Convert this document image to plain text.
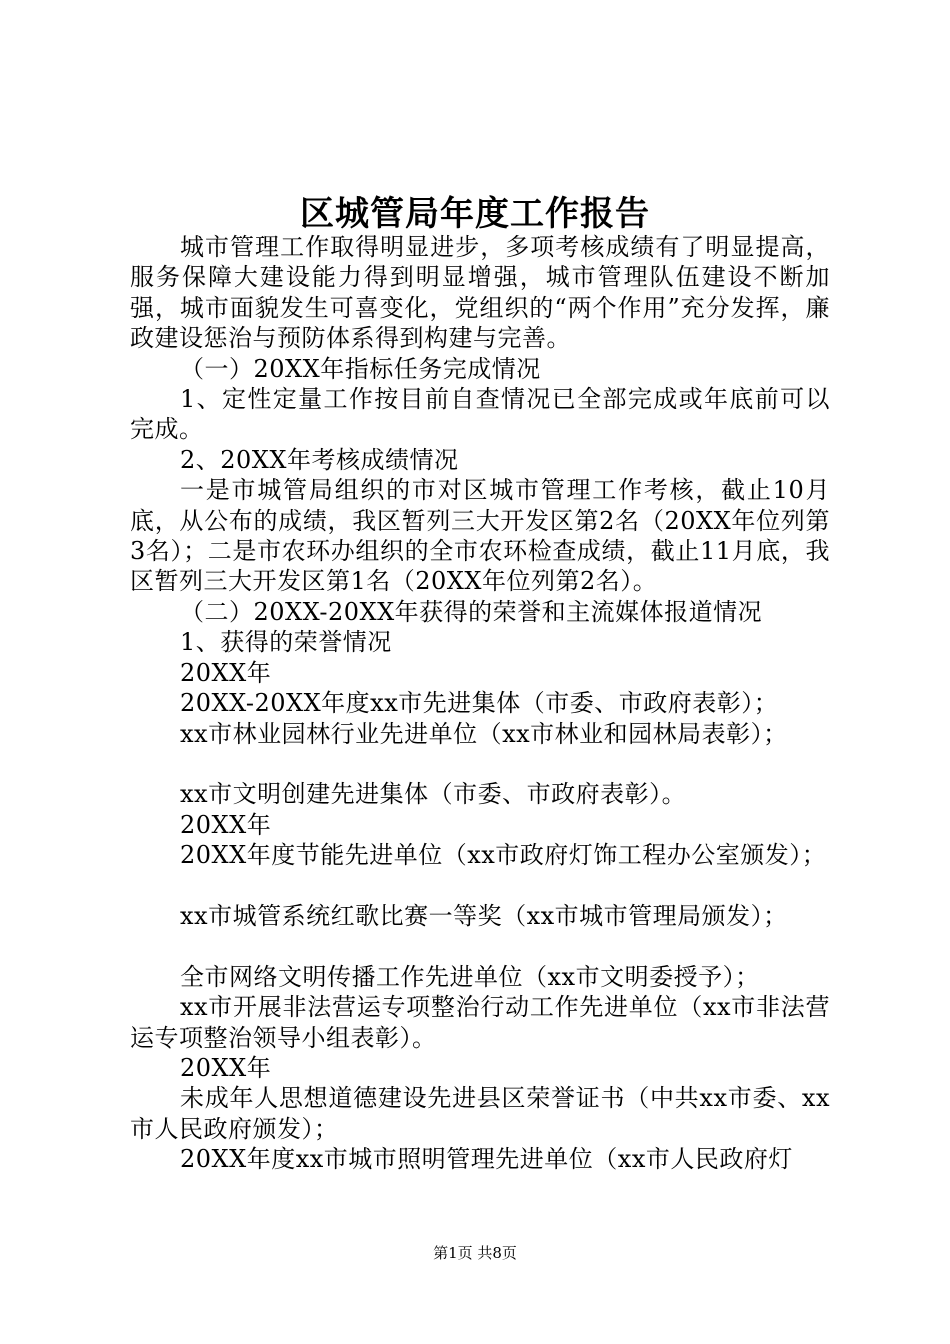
区城管局年度工作报告

城市管理工作取得明显进步，多项考核成绩有了明显提高，服务保障大建设能力得到明显增强，城市管理队伍建设不断加强，城市面貌发生可喜变化，党组织的“两个作用”充分发挥，廉政建设惩治与预防体系得到构建与完善。

（一）20XX年指标任务完成情况

1、定性定量工作按目前自查情况已全部完成或年底前可以完成。

2、20XX年考核成绩情况

一是市城管局组织的市对区城市管理工作考核，截止10月底，从公布的成绩，我区暂列三大开发区第2名（20XX年位列第3名）；二是市农环办组织的全市农环检查成绩，截止11月底，我区暂列三大开发区第1名（20XX年位列第2名）。

（二）20XX-20XX年获得的荣誉和主流媒体报道情况

1、获得的荣誉情况

20XX年

20XX-20XX年度xx市先进集体（市委、市政府表彰）；

xx市林业园林行业先进单位（xx市林业和园林局表彰）；

xx市文明创建先进集体（市委、市政府表彰）。

20XX年

20XX年度节能先进单位（xx市政府灯饰工程办公室颁发）；

xx市城管系统红歌比赛一等奖（xx市城市管理局颁发）；

全市网络文明传播工作先进单位（xx市文明委授予）；

xx市开展非法营运专项整治行动工作先进单位（xx市非法营运专项整治领导小组表彰）。

20XX年

未成年人思想道德建设先进县区荣誉证书（中共xx市委、xx市人民政府颁发）；

20XX年度xx市城市照明管理先进单位（xx市人民政府灯

第1页 共8页
